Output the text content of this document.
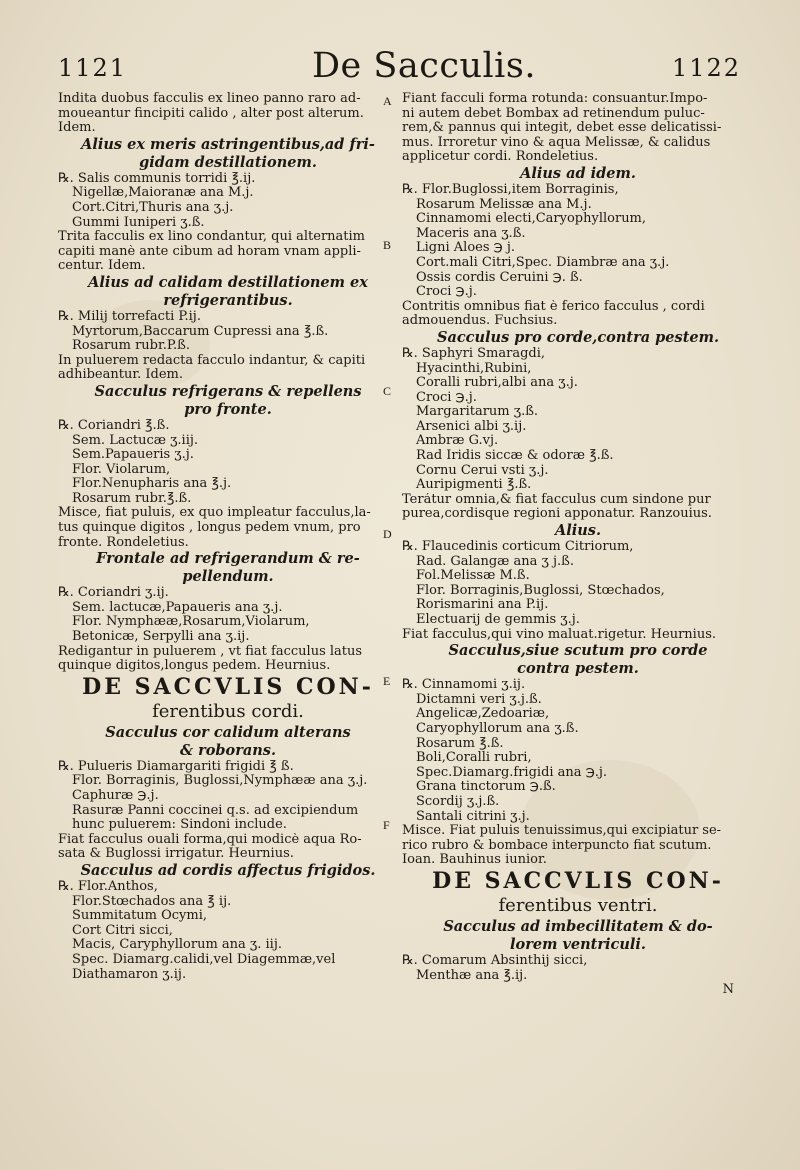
1121	De Sacculis.	1122
Indita duobus facculis ex lineo panno raro ad-
moueantur fincipiti calido , alter post alterum.
Idem.
Alius ex meris astringentibus,ad fri-
gidam destillationem.
℞. Salis communis torridi ℥.ij.
Nigellæ,Maioranæ ana M.j.
Cort.Citri,Thuris ana ʒ.j.
Gummi Iuniperi ʒ.ß.
Trita facculis ex lino condantur, qui alternatim
capiti manè ante cibum ad horam vnam appli-
centur. Idem.
Alius ad calidam destillationem ex
refrigerantibus.
℞. Milij torrefacti P.ij.
Myrtorum,Baccarum Cupressi ana ℥.ß.
Rosarum rubr.P.ß.
In puluerem redacta facculo indantur, & capiti
adhibeantur. Idem.
Sacculus refrigerans & repellens
pro fronte.
℞. Coriandri ℥.ß.
Sem. Lactucæ ʒ.iij.
Sem.Papaueris ʒ.j.
Flor. Violarum,
Flor.Nenupharis ana ℥.j.
Rosarum rubr.℥.ß.
Misce, fiat puluis, ex quo impleatur facculus,la-
tus quinque digitos , longus pedem vnum, pro
fronte. Rondeletius.
Frontale ad refrigerandum & re-
pellendum.
℞. Coriandri ʒ.ij.
Sem. lactucæ,Papaueris ana ʒ.j.
Flor. Nymphææ,Rosarum,Violarum,
Betonicæ, Serpylli ana ʒ.ij.
Redigantur in puluerem , vt fiat facculus latus
quinque digitos,longus pedem. Heurnius.
DE SACCVLIS CON-
ferentibus cordi.
Sacculus cor calidum alterans
& roborans.
℞. Pulueris Diamargariti frigidi ℥ ß.
Flor. Borraginis, Buglossi,Nymphææ ana ʒ.j.
Caphuræ ℈.j.
Rasuræ Panni coccinei q.s. ad excipiendum
hunc puluerem: Sindoni include.
Fiat facculus ouali forma,qui modicè aqua Ro-
sata & Buglossi irrigatur. Heurnius.
Sacculus ad cordis affectus frigidos.
℞. Flor.Anthos,
Flor.Stœchados ana ℥ ij.
Summitatum Ocymi,
Cort Citri sicci,
Macis, Caryphyllorum ana ʒ. iij.
Spec. Diamarg.calidi,vel Diagemmæ,vel
Diathamaron ʒ.ij.
Fiant facculi forma rotunda: consuantur.Impo-
ni autem debet Bombax ad retinendum puluc-
rem,& pannus qui integit, debet esse delicatissi-
mus. Irroretur vino & aqua Melissæ, & calidus
applicetur cordi. Rondeletius.
Alius ad idem.
℞. Flor.Buglossi,item Borraginis,
Rosarum Melissæ ana M.j.
Cinnamomi electi,Caryophyllorum,
Maceris ana ʒ.ß.
Ligni Aloes ℈ j.
Cort.mali Citri,Spec. Diambræ ana ʒ.j.
Ossis cordis Ceruini ℈. ß.
Croci ℈.j.
Contritis omnibus fiat è ferico facculus , cordi
admouendus. Fuchsius.
Sacculus pro corde,contra pestem.
℞. Saphyri Smaragdi,
Hyacinthi,Rubini,
Coralli rubri,albi ana ʒ.j.
Croci ℈.j.
Margaritarum ʒ.ß.
Arsenici albi ʒ.ij.
Ambræ G.vj.
Rad Iridis siccæ & odoræ ℥.ß.
Cornu Cerui vsti ʒ.j.
Auripigmenti ℥.ß.
Terátur omnia,& fiat facculus cum sindone pur
purea,cordisque regioni apponatur. Ranzouius.
Alius.
℞. Flaucedinis corticum Citriorum,
Rad. Galangæ ana ʒ j.ß.
Fol.Melissæ M.ß.
Flor. Borraginis,Buglossi, Stœchados,
Rorismarini ana P.ij.
Electuarij de gemmis ʒ.j.
Fiat facculus,qui vino maluat.rigetur. Heurnius.
Sacculus,siue scutum pro corde
contra pestem.
℞. Cinnamomi ʒ.ij.
Dictamni veri ʒ.j.ß.
Angelicæ,Zedoariæ,
Caryophyllorum ana ʒ.ß.
Rosarum ℥.ß.
Boli,Coralli rubri,
Spec.Diamarg.frigidi ana ℈.j.
Grana tinctorum ℈.ß.
Scordij ʒ.j.ß.
Santali citrini ʒ.j.
Misce. Fiat puluis tenuissimus,qui excipiatur se-
rico rubro & bombace interpuncto fiat scutum.
Ioan. Bauhinus iunior.
DE SACCVLIS CON-
ferentibus ventri.
Sacculus ad imbecillitatem & do-
lorem ventriculi.
℞. Comarum Absinthij sicci,
Menthæ ana ℥.ij.
N
A
B
C
D
E
F
